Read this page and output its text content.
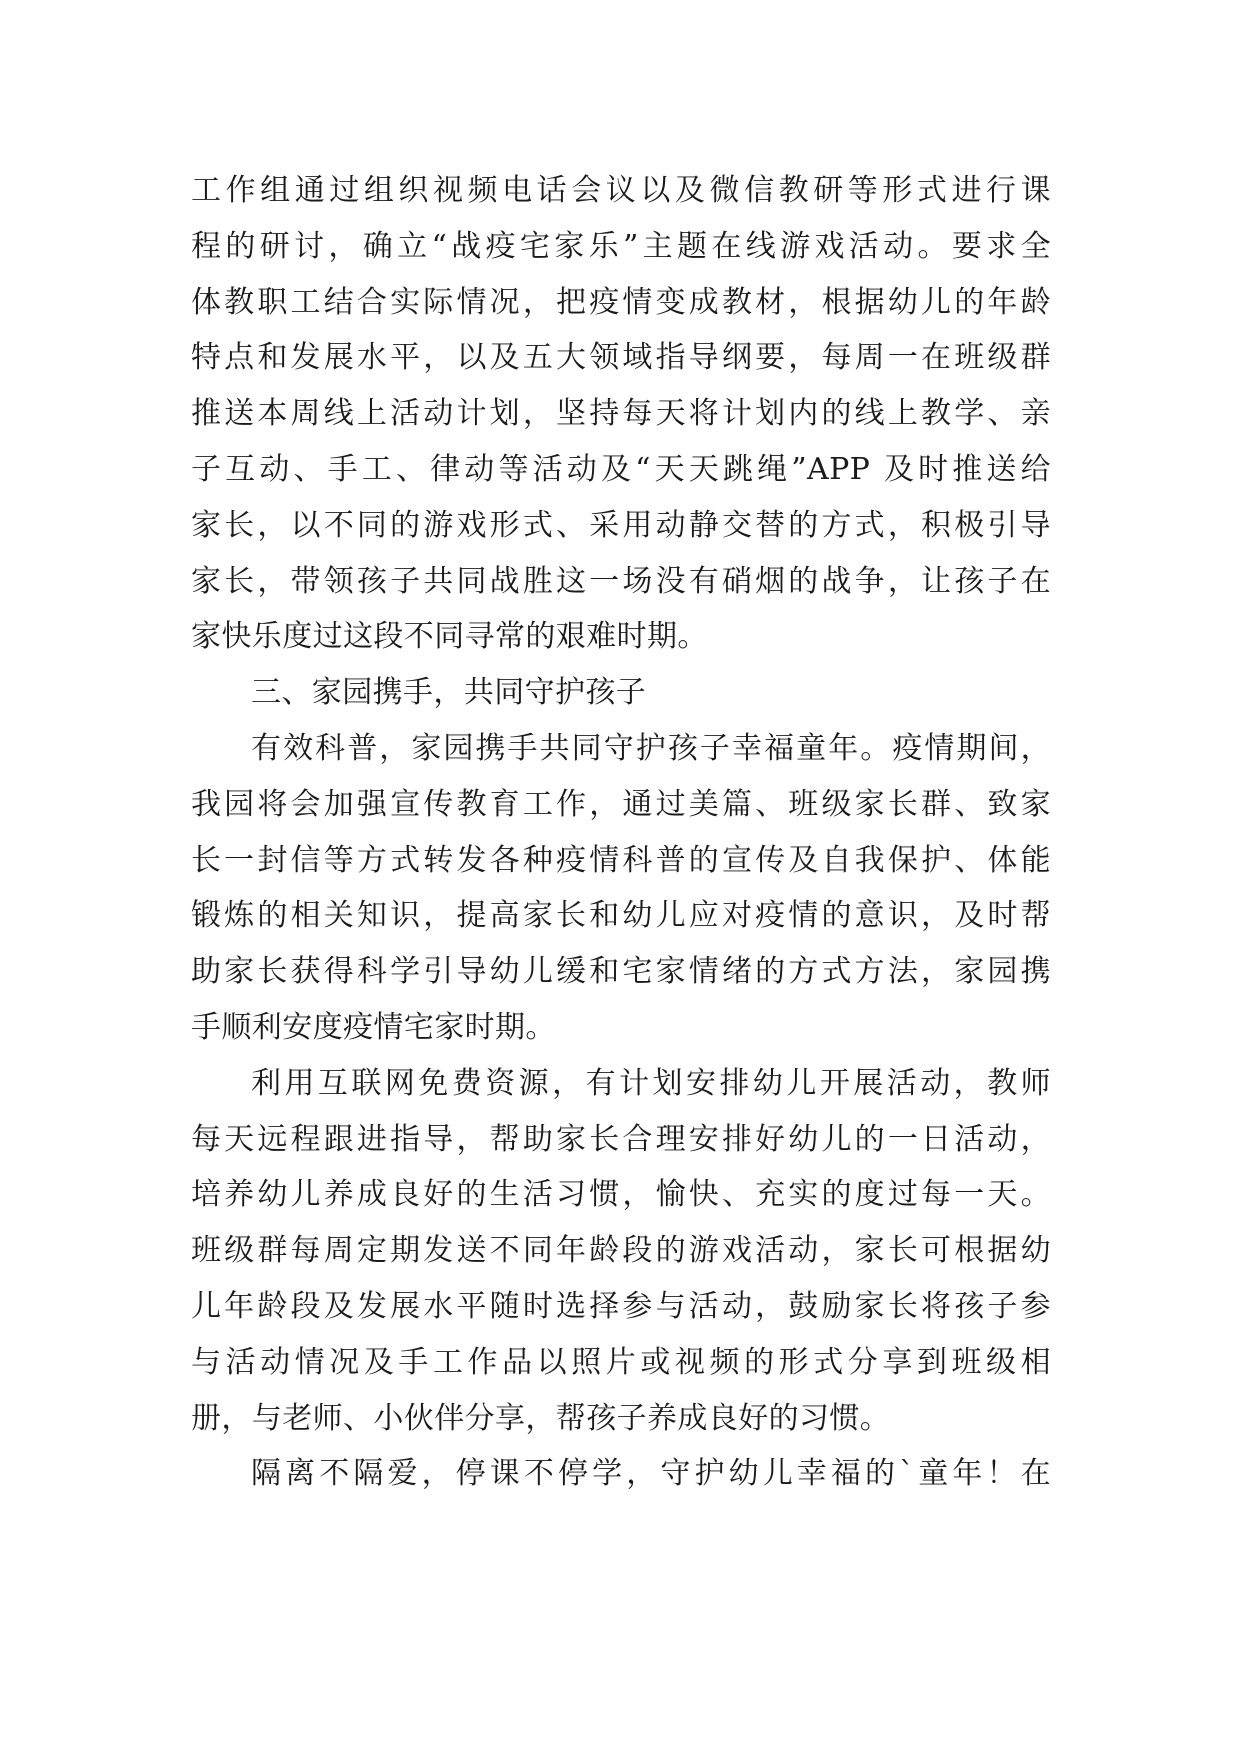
工作组通过组织视频电话会议以及微信教研等形式进行课
程的研讨，确立“战疫宅家乐”主题在线游戏活动。要求全
体教职工结合实际情况，把疫情变成教材，根据幼儿的年龄
特点和发展水平，以及五大领域指导纲要，每周一在班级群
推送本周线上活动计划，坚持每天将计划内的线上教学、亲
子互动、手工、律动等活动及“天天跳绳”APP 及时推送给
家长，以不同的游戏形式、采用动静交替的方式，积极引导
家长，带领孩子共同战胜这一场没有硝烟的战争，让孩子在
家快乐度过这段不同寻常的艰难时期。
三、家园携手，共同守护孩子
有效科普，家园携手共同守护孩子幸福童年。疫情期间，
我园将会加强宣传教育工作，通过美篇、班级家长群、致家
长一封信等方式转发各种疫情科普的宣传及自我保护、体能
锻炼的相关知识，提高家长和幼儿应对疫情的意识，及时帮
助家长获得科学引导幼儿缓和宅家情绪的方式方法，家园携
手顺利安度疫情宅家时期。
利用互联网免费资源，有计划安排幼儿开展活动，教师
每天远程跟进指导，帮助家长合理安排好幼儿的一日活动，
培养幼儿养成良好的生活习惯，愉快、充实的度过每一天。
班级群每周定期发送不同年龄段的游戏活动，家长可根据幼
儿年龄段及发展水平随时选择参与活动，鼓励家长将孩子参
与活动情况及手工作品以照片或视频的形式分享到班级相
册，与老师、小伙伴分享，帮孩子养成良好的习惯。
隔离不隔爱，停课不停学，守护幼儿幸福的`童年！在
